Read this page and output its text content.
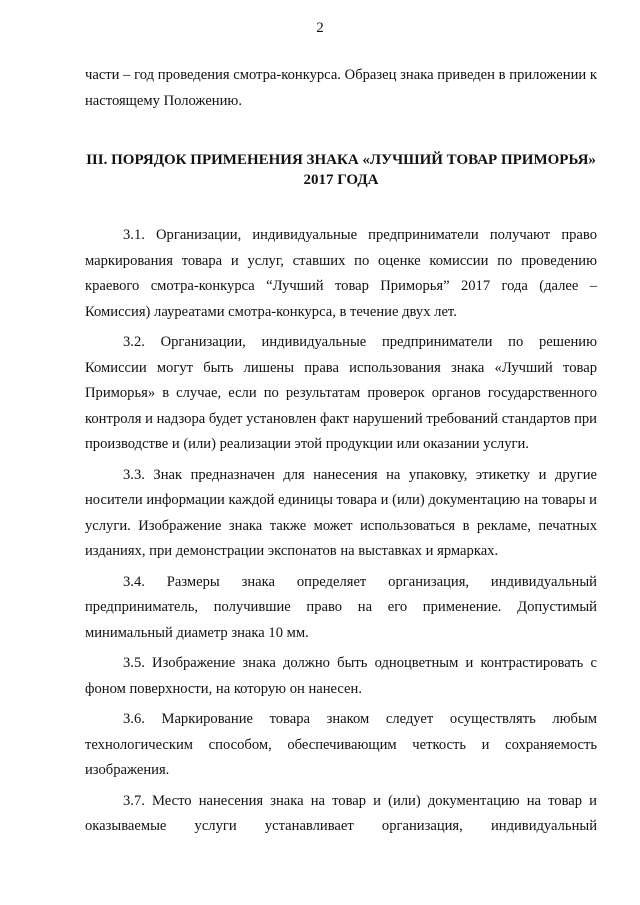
2

части – год проведения смотра-конкурса. Образец знака приведен в приложении к настоящему Положению.

III. ПОРЯДОК ПРИМЕНЕНИЯ ЗНАКА «ЛУЧШИЙ ТОВАР ПРИМОРЬЯ»
2017 ГОДА

3.1. Организации, индивидуальные предприниматели получают право маркирования товара и услуг, ставших по оценке комиссии по проведению краевого смотра-конкурса “Лучший товар Приморья” 2017 года (далее – Комиссия) лауреатами смотра-конкурса, в течение двух лет.

3.2. Организации, индивидуальные предприниматели по решению Комиссии могут быть лишены права использования знака «Лучший товар Приморья» в случае, если по результатам проверок органов государственного контроля и надзора будет установлен факт нарушений требований стандартов при производстве и (или) реализации этой продукции или оказании услуги.

3.3. Знак предназначен для нанесения на упаковку, этикетку и другие носители информации каждой единицы товара и (или) документацию на товары и услуги. Изображение знака также может использоваться в рекламе, печатных изданиях, при демонстрации экспонатов на выставках и ярмарках.

3.4. Размеры знака определяет организация, индивидуальный предприниматель, получившие право на его применение. Допустимый минимальный диаметр знака 10 мм.

3.5. Изображение знака должно быть одноцветным и контрастировать с фоном поверхности, на которую он нанесен.

3.6. Маркирование товара знаком следует осуществлять любым технологическим способом, обеспечивающим четкость и сохраняемость изображения.

3.7. Место нанесения знака на товар и (или) документацию на товар и оказываемые услуги устанавливает организация, индивидуальный
